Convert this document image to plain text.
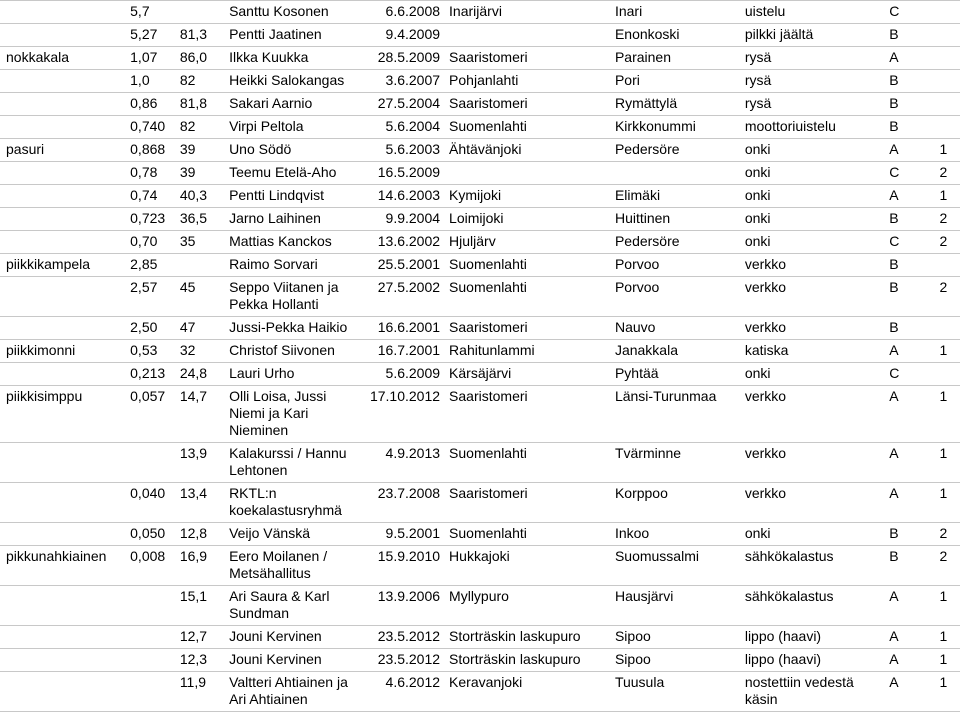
	5,7		Santtu Kosonen	6.6.2008	Inarijärvi	Inari	uistelu	C	
	5,27	81,3	Pentti Jaatinen	9.4.2009		Enonkoski	pilkki jäältä	B	
nokkakala	1,07	86,0	Ilkka Kuukka	28.5.2009	Saaristomeri	Parainen	rysä	A	
	1,0	82	Heikki Salokangas	3.6.2007	Pohjanlahti	Pori	rysä	B	
	0,86	81,8	Sakari Aarnio	27.5.2004	Saaristomeri	Rymättylä	rysä	B	
	0,740	82	Virpi Peltola	5.6.2004	Suomenlahti	Kirkkonummi	moottoriuistelu	B	
pasuri	0,868	39	Uno Södö	5.6.2003	Ähtävänjoki	Pedersöre	onki	A	1
	0,78	39	Teemu Etelä-Aho	16.5.2009			onki	C	2
	0,74	40,3	Pentti Lindqvist	14.6.2003	Kymijoki	Elimäki	onki	A	1
	0,723	36,5	Jarno Laihinen	9.9.2004	Loimijoki	Huittinen	onki	B	2
	0,70	35	Mattias Kanckos	13.6.2002	Hjuljärv	Pedersöre	onki	C	2
piikkikampela	2,85		Raimo Sorvari	25.5.2001	Suomenlahti	Porvoo	verkko	B	
	2,57	45	Seppo Viitanen ja Pekka Hollanti	27.5.2002	Suomenlahti	Porvoo	verkko	B	2
	2,50	47	Jussi-Pekka Haikio	16.6.2001	Saaristomeri	Nauvo	verkko	B	
piikkimonni	0,53	32	Christof Siivonen	16.7.2001	Rahitunlammi	Janakkala	katiska	A	1
	0,213	24,8	Lauri Urho	5.6.2009	Kärsäjärvi	Pyhtää	onki	C	
piikkisimppu	0,057	14,7	Olli Loisa, Jussi Niemi ja Kari Nieminen	17.10.2012	Saaristomeri	Länsi-Turunmaa	verkko	A	1
		13,9	Kalakurssi / Hannu Lehtonen	4.9.2013	Suomenlahti	Tvärminne	verkko	A	1
	0,040	13,4	RKTL:n koekalastusryhmä	23.7.2008	Saaristomeri	Korppoo	verkko	A	1
	0,050	12,8	Veijo Vänskä	9.5.2001	Suomenlahti	Inkoo	onki	B	2
pikkunahkiainen	0,008	16,9	Eero Moilanen / Metsähallitus	15.9.2010	Hukkajoki	Suomussalmi	sähkökalastus	B	2
		15,1	Ari Saura & Karl Sundman	13.9.2006	Myllypuro	Hausjärvi	sähkökalastus	A	1
		12,7	Jouni Kervinen	23.5.2012	Storträskin laskupuro	Sipoo	lippo (haavi)	A	1
		12,3	Jouni Kervinen	23.5.2012	Storträskin laskupuro	Sipoo	lippo (haavi)	A	1
		11,9	Valtteri Ahtiainen ja Ari Ahtiainen	4.6.2012	Keravanjoki	Tuusula	nostettiin vedestä käsin	A	1
